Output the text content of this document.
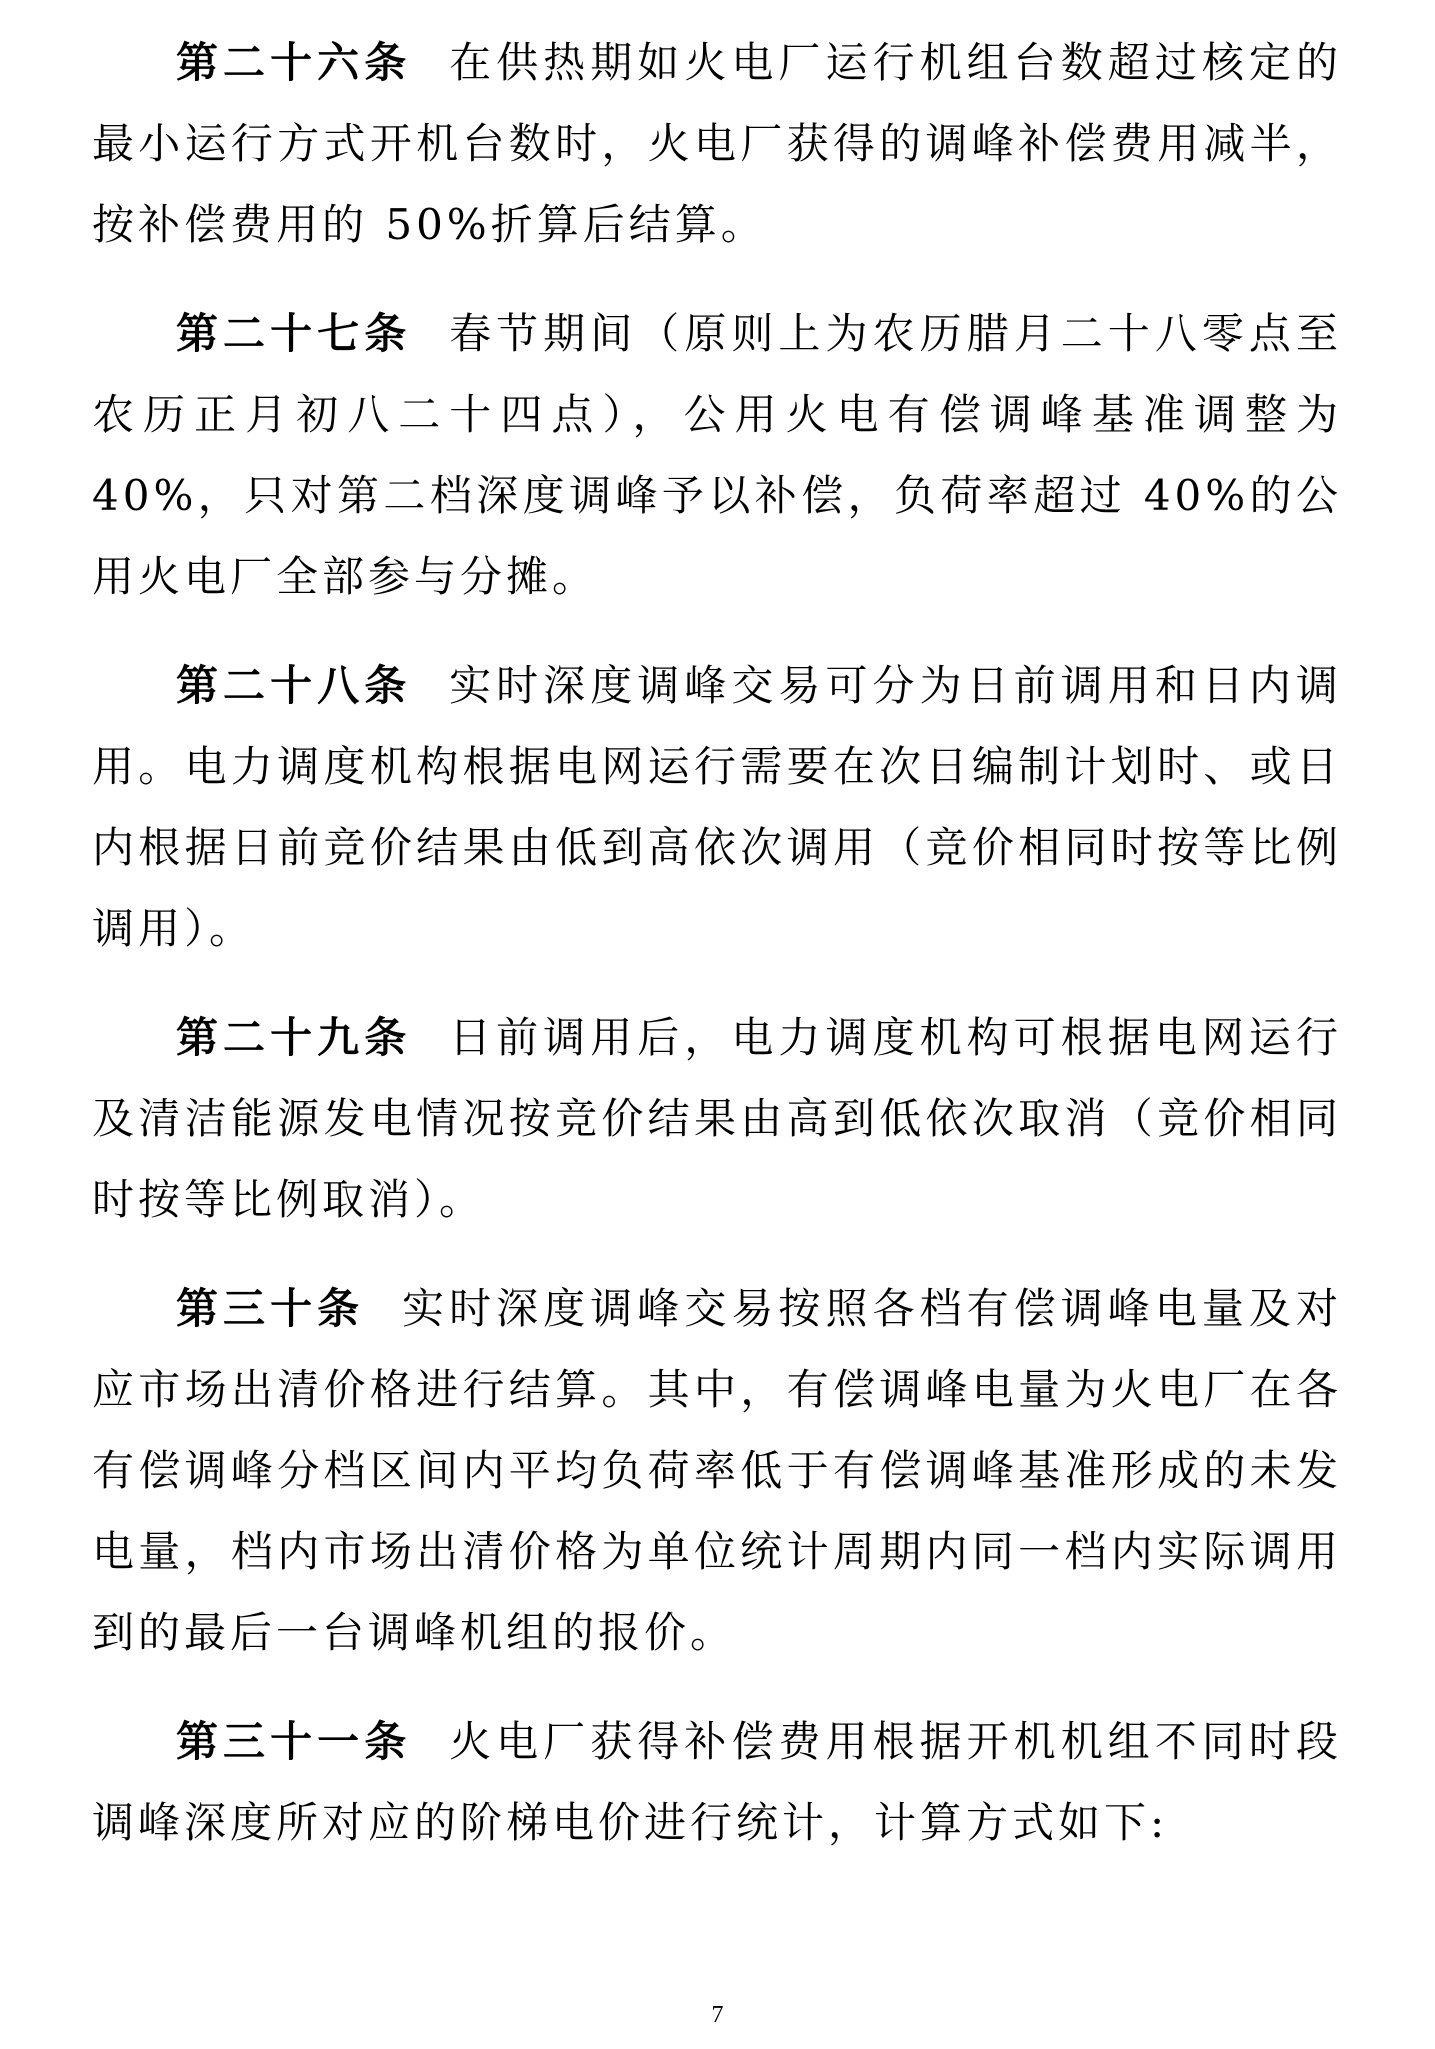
第二十六条 在供热期如火电厂运行机组台数超过核定的最小运行方式开机台数时，火电厂获得的调峰补偿费用减半，按补偿费用的 50%折算后结算。

第二十七条 春节期间（原则上为农历腊月二十八零点至农历正月初八二十四点），公用火电有偿调峰基准调整为 40%，只对第二档深度调峰予以补偿，负荷率超过 40%的公用火电厂全部参与分摊。

第二十八条 实时深度调峰交易可分为日前调用和日内调用。电力调度机构根据电网运行需要在次日编制计划时、或日内根据日前竞价结果由低到高依次调用（竞价相同时按等比例调用）。

第二十九条 日前调用后，电力调度机构可根据电网运行及清洁能源发电情况按竞价结果由高到低依次取消（竞价相同时按等比例取消）。

第三十条 实时深度调峰交易按照各档有偿调峰电量及对应市场出清价格进行结算。其中，有偿调峰电量为火电厂在各有偿调峰分档区间内平均负荷率低于有偿调峰基准形成的未发电量，档内市场出清价格为单位统计周期内同一档内实际调用到的最后一台调峰机组的报价。

第三十一条 火电厂获得补偿费用根据开机机组不同时段调峰深度所对应的阶梯电价进行统计，计算方式如下:

7
